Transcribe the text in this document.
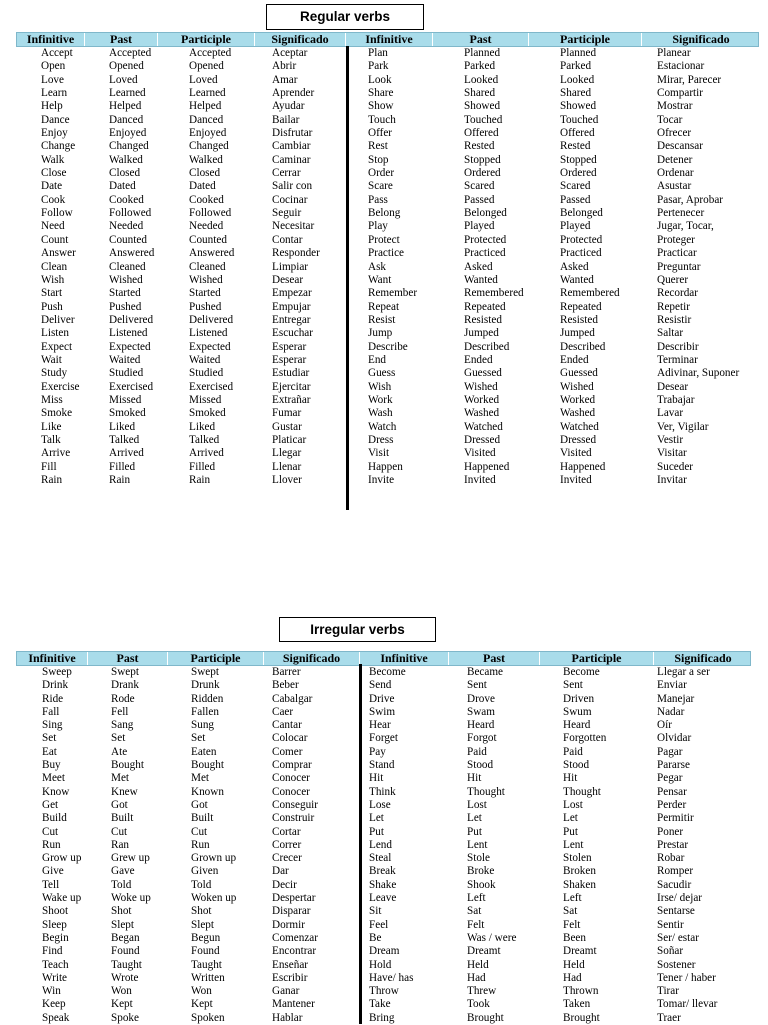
Regular verbs
Infinitive	Past	Participle	Significado	Infinitive	Past	Participle	Significado
Accept	Accepted	Accepted	Aceptar	Plan	Planned	Planned	Planear
Open	Opened	Opened	Abrir	Park	Parked	Parked	Estacionar
Love	Loved	Loved	Amar	Look	Looked	Looked	Mirar, Parecer
Learn	Learned	Learned	Aprender	Share	Shared	Shared	Compartir
Help	Helped	Helped	Ayudar	Show	Showed	Showed	Mostrar
Dance	Danced	Danced	Bailar	Touch	Touched	Touched	Tocar
Enjoy	Enjoyed	Enjoyed	Disfrutar	Offer	Offered	Offered	Ofrecer
Change	Changed	Changed	Cambiar	Rest	Rested	Rested	Descansar
Walk	Walked	Walked	Caminar	Stop	Stopped	Stopped	Detener
Close	Closed	Closed	Cerrar	Order	Ordered	Ordered	Ordenar
Date	Dated	Dated	Salir con	Scare	Scared	Scared	Asustar
Cook	Cooked	Cooked	Cocinar	Pass	Passed	Passed	Pasar, Aprobar
Follow	Followed	Followed	Seguir	Belong	Belonged	Belonged	Pertenecer
Need	Needed	Needed	Necesitar	Play	Played	Played	Jugar, Tocar,
Count	Counted	Counted	Contar	Protect	Protected	Protected	Proteger
Answer	Answered	Answered	Responder	Practice	Practiced	Practiced	Practicar
Clean	Cleaned	Cleaned	Limpiar	Ask	Asked	Asked	Preguntar
Wish	Wished	Wished	Desear	Want	Wanted	Wanted	Querer
Start	Started	Started	Empezar	Remember	Remembered	Remembered	Recordar
Push	Pushed	Pushed	Empujar	Repeat	Repeated	Repeated	Repetir
Deliver	Delivered	Delivered	Entregar	Resist	Resisted	Resisted	Resistir
Listen	Listened	Listened	Escuchar	Jump	Jumped	Jumped	Saltar
Expect	Expected	Expected	Esperar	Describe	Described	Described	Describir
Wait	Waited	Waited	Esperar	End	Ended	Ended	Terminar
Study	Studied	Studied	Estudiar	Guess	Guessed	Guessed	Adivinar, Suponer
Exercise	Exercised	Exercised	Ejercitar	Wish	Wished	Wished	Desear
Miss	Missed	Missed	Extrañar	Work	Worked	Worked	Trabajar
Smoke	Smoked	Smoked	Fumar	Wash	Washed	Washed	Lavar
Like	Liked	Liked	Gustar	Watch	Watched	Watched	Ver, Vigilar
Talk	Talked	Talked	Platicar	Dress	Dressed	Dressed	Vestir
Arrive	Arrived	Arrived	Llegar	Visit	Visited	Visited	Visitar
Fill	Filled	Filled	Llenar	Happen	Happened	Happened	Suceder
Rain	Rain	Rain	Llover	Invite	Invited	Invited	Invitar
Irregular verbs
Infinitive	Past	Participle	Significado	Infinitive	Past	Participle	Significado
Sweep	Swept	Swept	Barrer	Become	Became	Become	Llegar a ser
Drink	Drank	Drunk	Beber	Send	Sent	Sent	Enviar
Ride	Rode	Ridden	Cabalgar	Drive	Drove	Driven	Manejar
Fall	Fell	Fallen	Caer	Swim	Swam	Swum	Nadar
Sing	Sang	Sung	Cantar	Hear	Heard	Heard	Oír
Set	Set	Set	Colocar	Forget	Forgot	Forgotten	Olvidar
Eat	Ate	Eaten	Comer	Pay	Paid	Paid	Pagar
Buy	Bought	Bought	Comprar	Stand	Stood	Stood	Pararse
Meet	Met	Met	Conocer	Hit	Hit	Hit	Pegar
Know	Knew	Known	Conocer	Think	Thought	Thought	Pensar
Get	Got	Got	Conseguir	Lose	Lost	Lost	Perder
Build	Built	Built	Construir	Let	Let	Let	Permitir
Cut	Cut	Cut	Cortar	Put	Put	Put	Poner
Run	Ran	Run	Correr	Lend	Lent	Lent	Prestar
Grow up	Grew up	Grown up	Crecer	Steal	Stole	Stolen	Robar
Give	Gave	Given	Dar	Break	Broke	Broken	Romper
Tell	Told	Told	Decir	Shake	Shook	Shaken	Sacudir
Wake up	Woke up	Woken up	Despertar	Leave	Left	Left	Irse/ dejar
Shoot	Shot	Shot	Disparar	Sit	Sat	Sat	Sentarse
Sleep	Slept	Slept	Dormir	Feel	Felt	Felt	Sentir
Begin	Began	Begun	Comenzar	Be	Was / were	Been	Ser/ estar
Find	Found	Found	Encontrar	Dream	Dreamt	Dreamt	Soñar
Teach	Taught	Taught	Enseñar	Hold	Held	Held	Sostener
Write	Wrote	Written	Escribir	Have/ has	Had	Had	Tener / haber
Win	Won	Won	Ganar	Throw	Threw	Thrown	Tirar
Keep	Kept	Kept	Mantener	Take	Took	Taken	Tomar/ llevar
Speak	Spoke	Spoken	Hablar	Bring	Brought	Brought	Traer
